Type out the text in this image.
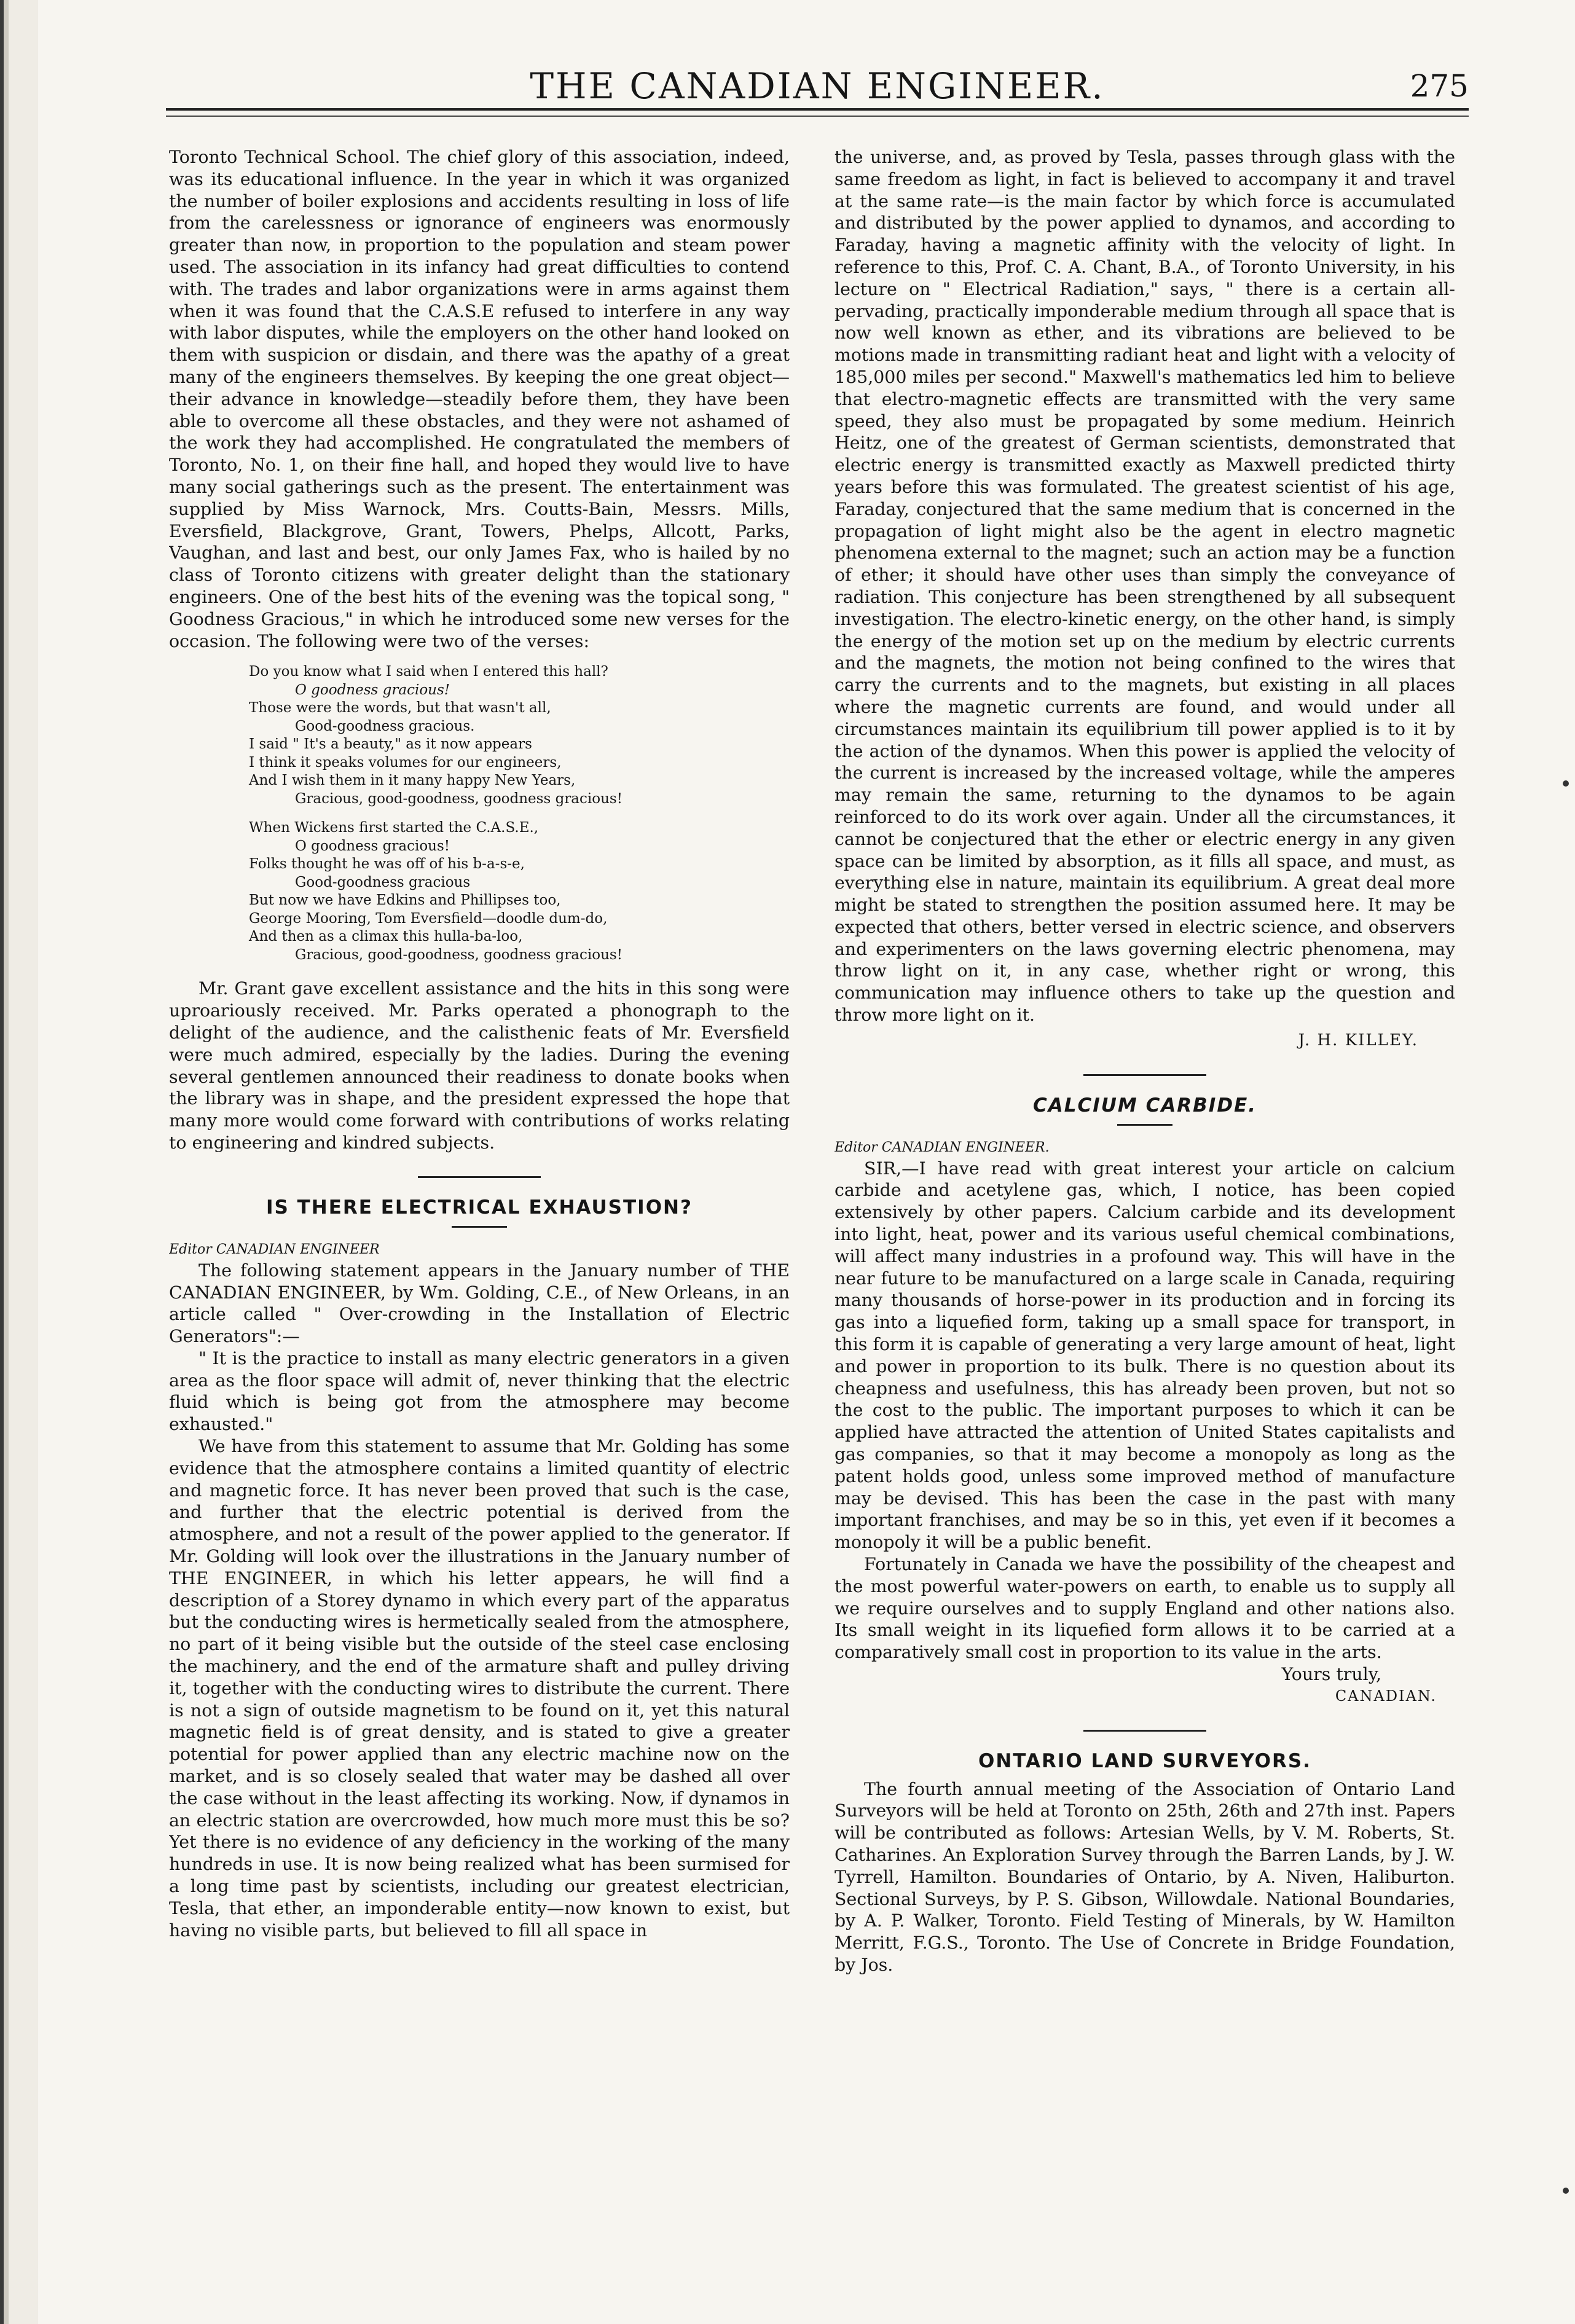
THE CANADIAN ENGINEER.	275

Toronto Technical School. The chief glory of this association, indeed, was its educational influence. In the year in which it was organized the number of boiler explosions and accidents resulting in loss of life from the carelessness or ignorance of engineers was enormously greater than now, in proportion to the population and steam power used. The association in its infancy had great difficulties to contend with. The trades and labor organizations were in arms against them when it was found that the C.A.S.E refused to interfere in any way with labor disputes, while the employers on the other hand looked on them with suspicion or disdain, and there was the apathy of a great many of the engineers themselves. By keeping the one great object—their advance in knowledge—steadily before them, they have been able to overcome all these obstacles, and they were not ashamed of the work they had accomplished. He congratulated the members of Toronto, No. 1, on their fine hall, and hoped they would live to have many social gatherings such as the present. The entertainment was supplied by Miss Warnock, Mrs. Coutts-Bain, Messrs. Mills, Eversfield, Blackgrove, Grant, Towers, Phelps, Allcott, Parks, Vaughan, and last and best, our only James Fax, who is hailed by no class of Toronto citizens with greater delight than the stationary engineers. One of the best hits of the evening was the topical song, " Goodness Gracious," in which he introduced some new verses for the occasion. The following were two of the verses:

Do you know what I said when I entered this hall?
O goodness gracious!
Those were the words, but that wasn't all,
Good-goodness gracious.
I said " It's a beauty," as it now appears
I think it speaks volumes for our engineers,
And I wish them in it many happy New Years,
Gracious, good-goodness, goodness gracious!
When Wickens first started the C.A.S.E.,
O goodness gracious!
Folks thought he was off of his b-a-s-e,
Good-goodness gracious
But now we have Edkins and Phillipses too,
George Mooring, Tom Eversfield—doodle dum-do,
And then as a climax this hulla-ba-loo,
Gracious, good-goodness, goodness gracious!

Mr. Grant gave excellent assistance and the hits in this song were uproariously received. Mr. Parks operated a phonograph to the delight of the audience, and the calisthenic feats of Mr. Eversfield were much admired, especially by the ladies. During the evening several gentlemen announced their readiness to donate books when the library was in shape, and the president expressed the hope that many more would come forward with contributions of works relating to engineering and kindred subjects.

IS THERE ELECTRICAL EXHAUSTION?

Editor CANADIAN ENGINEER

The following statement appears in the January number of THE CANADIAN ENGINEER, by Wm. Golding, C.E., of New Orleans, in an article called " Over-crowding in the Installation of Electric Generators":—

" It is the practice to install as many electric generators in a given area as the floor space will admit of, never thinking that the electric fluid which is being got from the atmosphere may become exhausted."

We have from this statement to assume that Mr. Golding has some evidence that the atmosphere contains a limited quantity of electric and magnetic force. It has never been proved that such is the case, and further that the electric potential is derived from the atmosphere, and not a result of the power applied to the generator. If Mr. Golding will look over the illustrations in the January number of THE ENGINEER, in which his letter appears, he will find a description of a Storey dynamo in which every part of the apparatus but the conducting wires is hermetically sealed from the atmosphere, no part of it being visible but the outside of the steel case enclosing the machinery, and the end of the armature shaft and pulley driving it, together with the conducting wires to distribute the current. There is not a sign of outside magnetism to be found on it, yet this natural magnetic field is of great density, and is stated to give a greater potential for power applied than any electric machine now on the market, and is so closely sealed that water may be dashed all over the case without in the least affecting its working. Now, if dynamos in an electric station are overcrowded, how much more must this be so? Yet there is no evidence of any deficiency in the working of the many hundreds in use. It is now being realized what has been surmised for a long time past by scientists, including our greatest electrician, Tesla, that ether, an imponderable entity—now known to exist, but having no visible parts, but believed to fill all space in

the universe, and, as proved by Tesla, passes through glass with the same freedom as light, in fact is believed to accompany it and travel at the same rate—is the main factor by which force is accumulated and distributed by the power applied to dynamos, and according to Faraday, having a magnetic affinity with the velocity of light. In reference to this, Prof. C. A. Chant, B.A., of Toronto University, in his lecture on " Electrical Radiation," says, " there is a certain all-pervading, practically imponderable medium through all space that is now well known as ether, and its vibrations are believed to be motions made in transmitting radiant heat and light with a velocity of 185,000 miles per second." Maxwell's mathematics led him to believe that electro-magnetic effects are transmitted with the very same speed, they also must be propagated by some medium. Heinrich Heitz, one of the greatest of German scientists, demonstrated that electric energy is transmitted exactly as Maxwell predicted thirty years before this was formulated. The greatest scientist of his age, Faraday, conjectured that the same medium that is concerned in the propagation of light might also be the agent in electro magnetic phenomena external to the magnet; such an action may be a function of ether; it should have other uses than simply the conveyance of radiation. This conjecture has been strengthened by all subsequent investigation. The electro-kinetic energy, on the other hand, is simply the energy of the motion set up on the medium by electric currents and the magnets, the motion not being confined to the wires that carry the currents and to the magnets, but existing in all places where the magnetic currents are found, and would under all circumstances maintain its equilibrium till power applied is to it by the action of the dynamos. When this power is applied the velocity of the current is increased by the increased voltage, while the amperes may remain the same, returning to the dynamos to be again reinforced to do its work over again. Under all the circumstances, it cannot be conjectured that the ether or electric energy in any given space can be limited by absorption, as it fills all space, and must, as everything else in nature, maintain its equilibrium. A great deal more might be stated to strengthen the position assumed here. It may be expected that others, better versed in electric science, and observers and experimenters on the laws governing electric phenomena, may throw light on it, in any case, whether right or wrong, this communication may influence others to take up the question and throw more light on it.

J. H. KILLEY.

CALCIUM CARBIDE.

Editor CANADIAN ENGINEER.

SIR,—I have read with great interest your article on calcium carbide and acetylene gas, which, I notice, has been copied extensively by other papers. Calcium carbide and its development into light, heat, power and its various useful chemical combinations, will affect many industries in a profound way. This will have in the near future to be manufactured on a large scale in Canada, requiring many thousands of horse-power in its production and in forcing its gas into a liquefied form, taking up a small space for transport, in this form it is capable of generating a very large amount of heat, light and power in proportion to its bulk. There is no question about its cheapness and usefulness, this has already been proven, but not so the cost to the public. The important purposes to which it can be applied have attracted the attention of United States capitalists and gas companies, so that it may become a monopoly as long as the patent holds good, unless some improved method of manufacture may be devised. This has been the case in the past with many important franchises, and may be so in this, yet even if it becomes a monopoly it will be a public benefit.

Fortunately in Canada we have the possibility of the cheapest and the most powerful water-powers on earth, to enable us to supply all we require ourselves and to supply England and other nations also. Its small weight in its liquefied form allows it to be carried at a comparatively small cost in proportion to its value in the arts.

Yours truly,

CANADIAN.

ONTARIO LAND SURVEYORS.

The fourth annual meeting of the Association of Ontario Land Surveyors will be held at Toronto on 25th, 26th and 27th inst. Papers will be contributed as follows: Artesian Wells, by V. M. Roberts, St. Catharines. An Exploration Survey through the Barren Lands, by J. W. Tyrrell, Hamilton. Boundaries of Ontario, by A. Niven, Haliburton. Sectional Surveys, by P. S. Gibson, Willowdale. National Boundaries, by A. P. Walker, Toronto. Field Testing of Minerals, by W. Hamilton Merritt, F.G.S., Toronto. The Use of Concrete in Bridge Foundation, by Jos.
